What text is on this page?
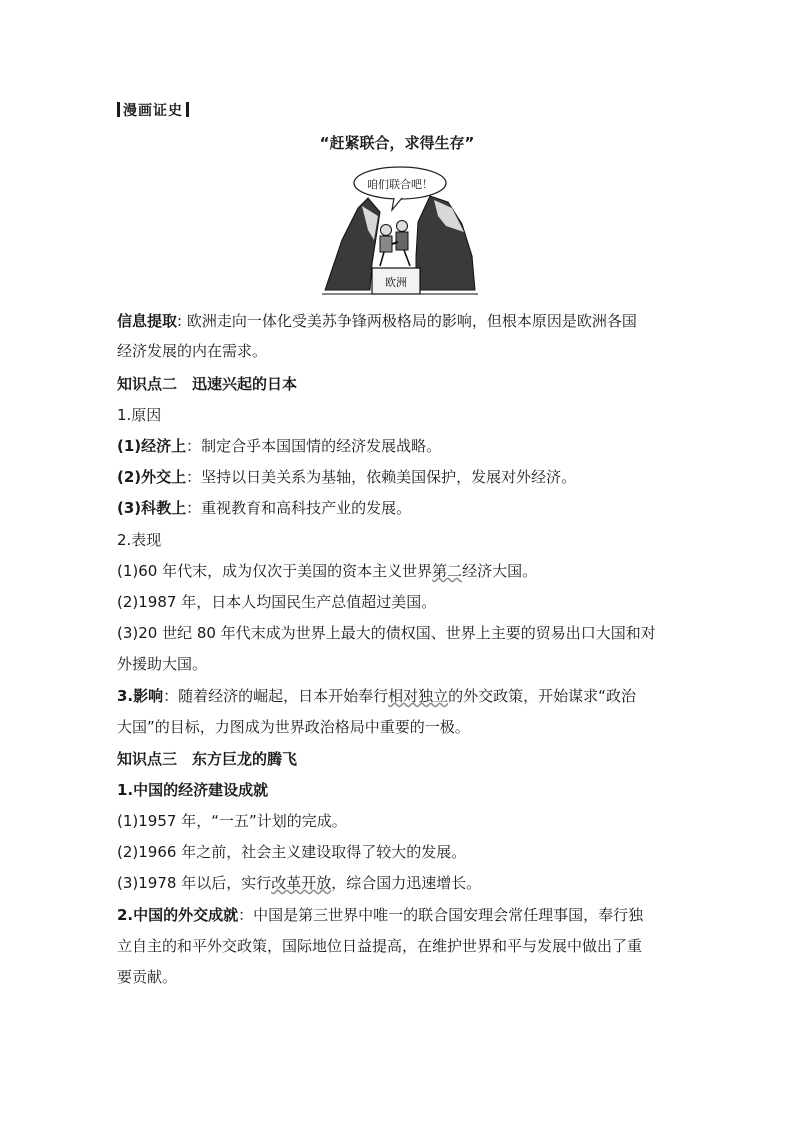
漫画证史
“赶紧联合，求得生存”
咱们联合吧！
欧洲
信息提取: 欧洲走向一体化受美苏争锋两极格局的影响，但根本原因是欧洲各国
经济发展的内在需求。
知识点二　迅速兴起的日本
1.原因
(1)经济上：制定合乎本国国情的经济发展战略。
(2)外交上：坚持以日美关系为基轴，依赖美国保护，发展对外经济。
(3)科教上：重视教育和高科技产业的发展。
2.表现
(1)60 年代末，成为仅次于美国的资本主义世界第二经济大国。
(2)1987 年，日本人均国民生产总值超过美国。
(3)20 世纪 80 年代末成为世界上最大的债权国、世界上主要的贸易出口大国和对
外援助大国。
3.影响：随着经济的崛起，日本开始奉行相对独立的外交政策，开始谋求“政治
大国”的目标，力图成为世界政治格局中重要的一极。
知识点三　东方巨龙的腾飞
1.中国的经济建设成就
(1)1957 年，“一五”计划的完成。
(2)1966 年之前，社会主义建设取得了较大的发展。
(3)1978 年以后，实行改革开放，综合国力迅速增长。
2.中国的外交成就：中国是第三世界中唯一的联合国安理会常任理事国，奉行独
立自主的和平外交政策，国际地位日益提高，在维护世界和平与发展中做出了重
要贡献。
